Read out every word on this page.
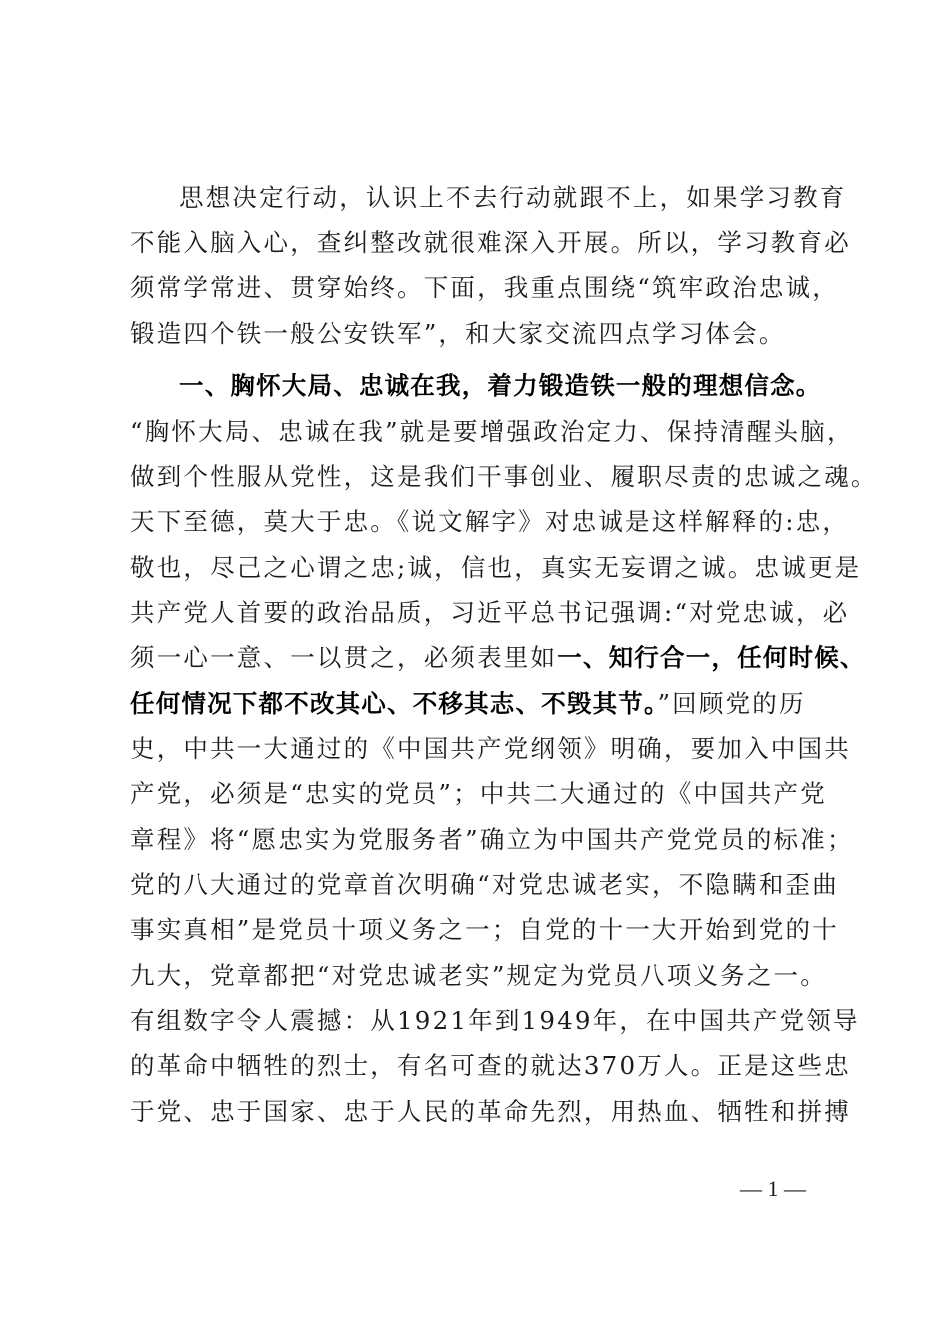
思想决定行动，认识上不去行动就跟不上，如果学习教育
不能入脑入心，查纠整改就很难深入开展。所以，学习教育必
须常学常进、贯穿始终。下面，我重点围绕“筑牢政治忠诚，
锻造四个铁一般公安铁军”，和大家交流四点学习体会。
一、胸怀大局、忠诚在我，着力锻造铁一般的理想信念。
“胸怀大局、忠诚在我”就是要增强政治定力、保持清醒头脑，
做到个性服从党性，这是我们干事创业、履职尽责的忠诚之魂。
天下至德，莫大于忠。《说文解字》对忠诚是这样解释的:忠，
敬也，尽己之心谓之忠;诚，信也，真实无妄谓之诚。忠诚更是
共产党人首要的政治品质，习近平总书记强调:“对党忠诚，必
须一心一意、一以贯之，必须表里如一、知行合一，任何时候、
任何情况下都不改其心、不移其志、不毁其节。”回顾党的历
史，中共一大通过的《中国共产党纲领》明确，要加入中国共
产党，必须是“忠实的党员”；中共二大通过的《中国共产党
章程》将“愿忠实为党服务者”确立为中国共产党党员的标准；
党的八大通过的党章首次明确“对党忠诚老实，不隐瞒和歪曲
事实真相”是党员十项义务之一；自党的十一大开始到党的十
九大，党章都把“对党忠诚老实”规定为党员八项义务之一。
有组数字令人震撼：从1921年到1949年，在中国共产党领导
的革命中牺牲的烈士，有名可查的就达370万人。正是这些忠
于党、忠于国家、忠于人民的革命先烈，用热血、牺牲和拼搏
— 1 —
